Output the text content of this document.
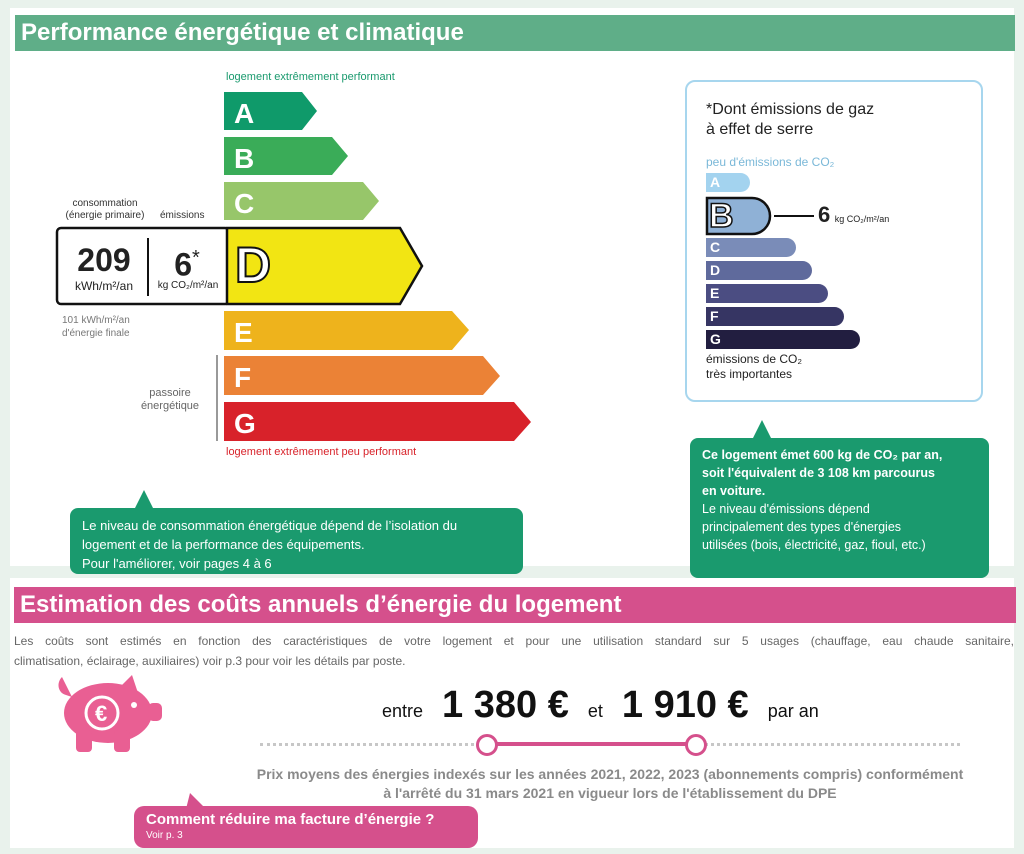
Performance énergétique et climatique
logement extrêmement performant
A
B
C
consommation
(énergie primaire)	émissions
D
209
kWh/m²/an
6*
kg CO₂/m²/an
101 kWh/m²/an
d'énergie finale	E
F
G
passoire
énergétique
logement extrêmement peu performant
Le niveau de consommation énergétique dépend de l’isolation du
logement et de la performance des équipements.
Pour l'améliorer, voir pages 4 à 6
*Dont émissions de gaz
à effet de serre
peu d'émissions de CO₂
A
B	6 kg CO₂/m²/an
C
D
E
F
G
émissions de CO₂
très importantes
Ce logement émet 600 kg de CO₂ par an,
soit l'équivalent de 3 108 km parcourus
en voiture.
Le niveau d'émissions dépend
principalement des types d'énergies
utilisées (bois, électricité, gaz, fioul, etc.)
Estimation des coûts annuels d’énergie du logement
Les coûts sont estimés en fonction des caractéristiques de votre logement et pour une utilisation standard sur 5 usages (chauffage, eau chaude sanitaire,
climatisation, éclairage, auxiliaires) voir p.3 pour voir les détails par poste.
€	entre 1 380 € et 1 910 € par an
Prix moyens des énergies indexés sur les années 2021, 2022, 2023 (abonnements compris) conformément
à l'arrêté du 31 mars 2021 en vigueur lors de l'établissement du DPE
Comment réduire ma facture d’énergie ?
Voir p. 3
